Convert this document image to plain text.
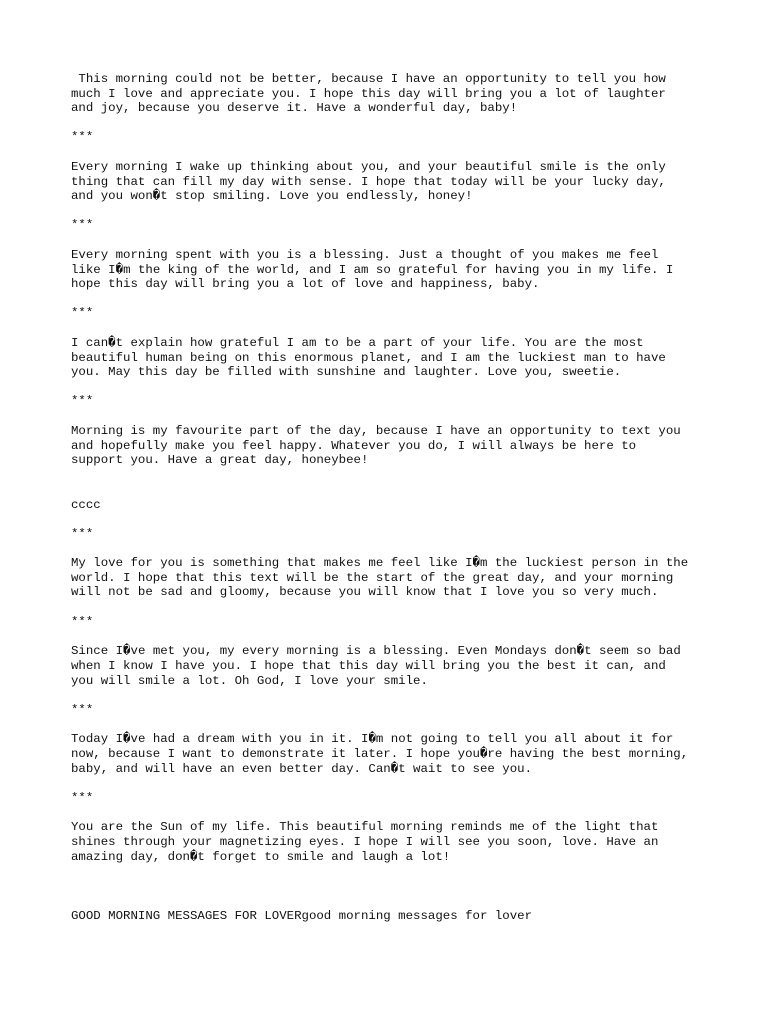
This morning could not be better, because I have an opportunity to tell you how

much I love and appreciate you. I hope this day will bring you a lot of laughter

and joy, because you deserve it. Have a wonderful day, baby!

***

Every morning I wake up thinking about you, and your beautiful smile is the only

thing that can fill my day with sense. I hope that today will be your lucky day,

and you won�t stop smiling. Love you endlessly, honey!

***

Every morning spent with you is a blessing. Just a thought of you makes me feel

like I�m the king of the world, and I am so grateful for having you in my life. I

hope this day will bring you a lot of love and happiness, baby.

***

I can�t explain how grateful I am to be a part of your life. You are the most

beautiful human being on this enormous planet, and I am the luckiest man to have

you. May this day be filled with sunshine and laughter. Love you, sweetie.

***

Morning is my favourite part of the day, because I have an opportunity to text you

and hopefully make you feel happy. Whatever you do, I will always be here to

support you. Have a great day, honeybee!

cccc

***

My love for you is something that makes me feel like I�m the luckiest person in the

world. I hope that this text will be the start of the great day, and your morning

will not be sad and gloomy, because you will know that I love you so very much.

***

Since I�ve met you, my every morning is a blessing. Even Mondays don�t seem so bad

when I know I have you. I hope that this day will bring you the best it can, and

you will smile a lot. Oh God, I love your smile.

***

Today I�ve had a dream with you in it. I�m not going to tell you all about it for

now, because I want to demonstrate it later. I hope you�re having the best morning,

baby, and will have an even better day. Can�t wait to see you.

***

You are the Sun of my life. This beautiful morning reminds me of the light that

shines through your magnetizing eyes. I hope I will see you soon, love. Have an

amazing day, don�t forget to smile and laugh a lot!

GOOD MORNING MESSAGES FOR LOVERgood morning messages for lover
